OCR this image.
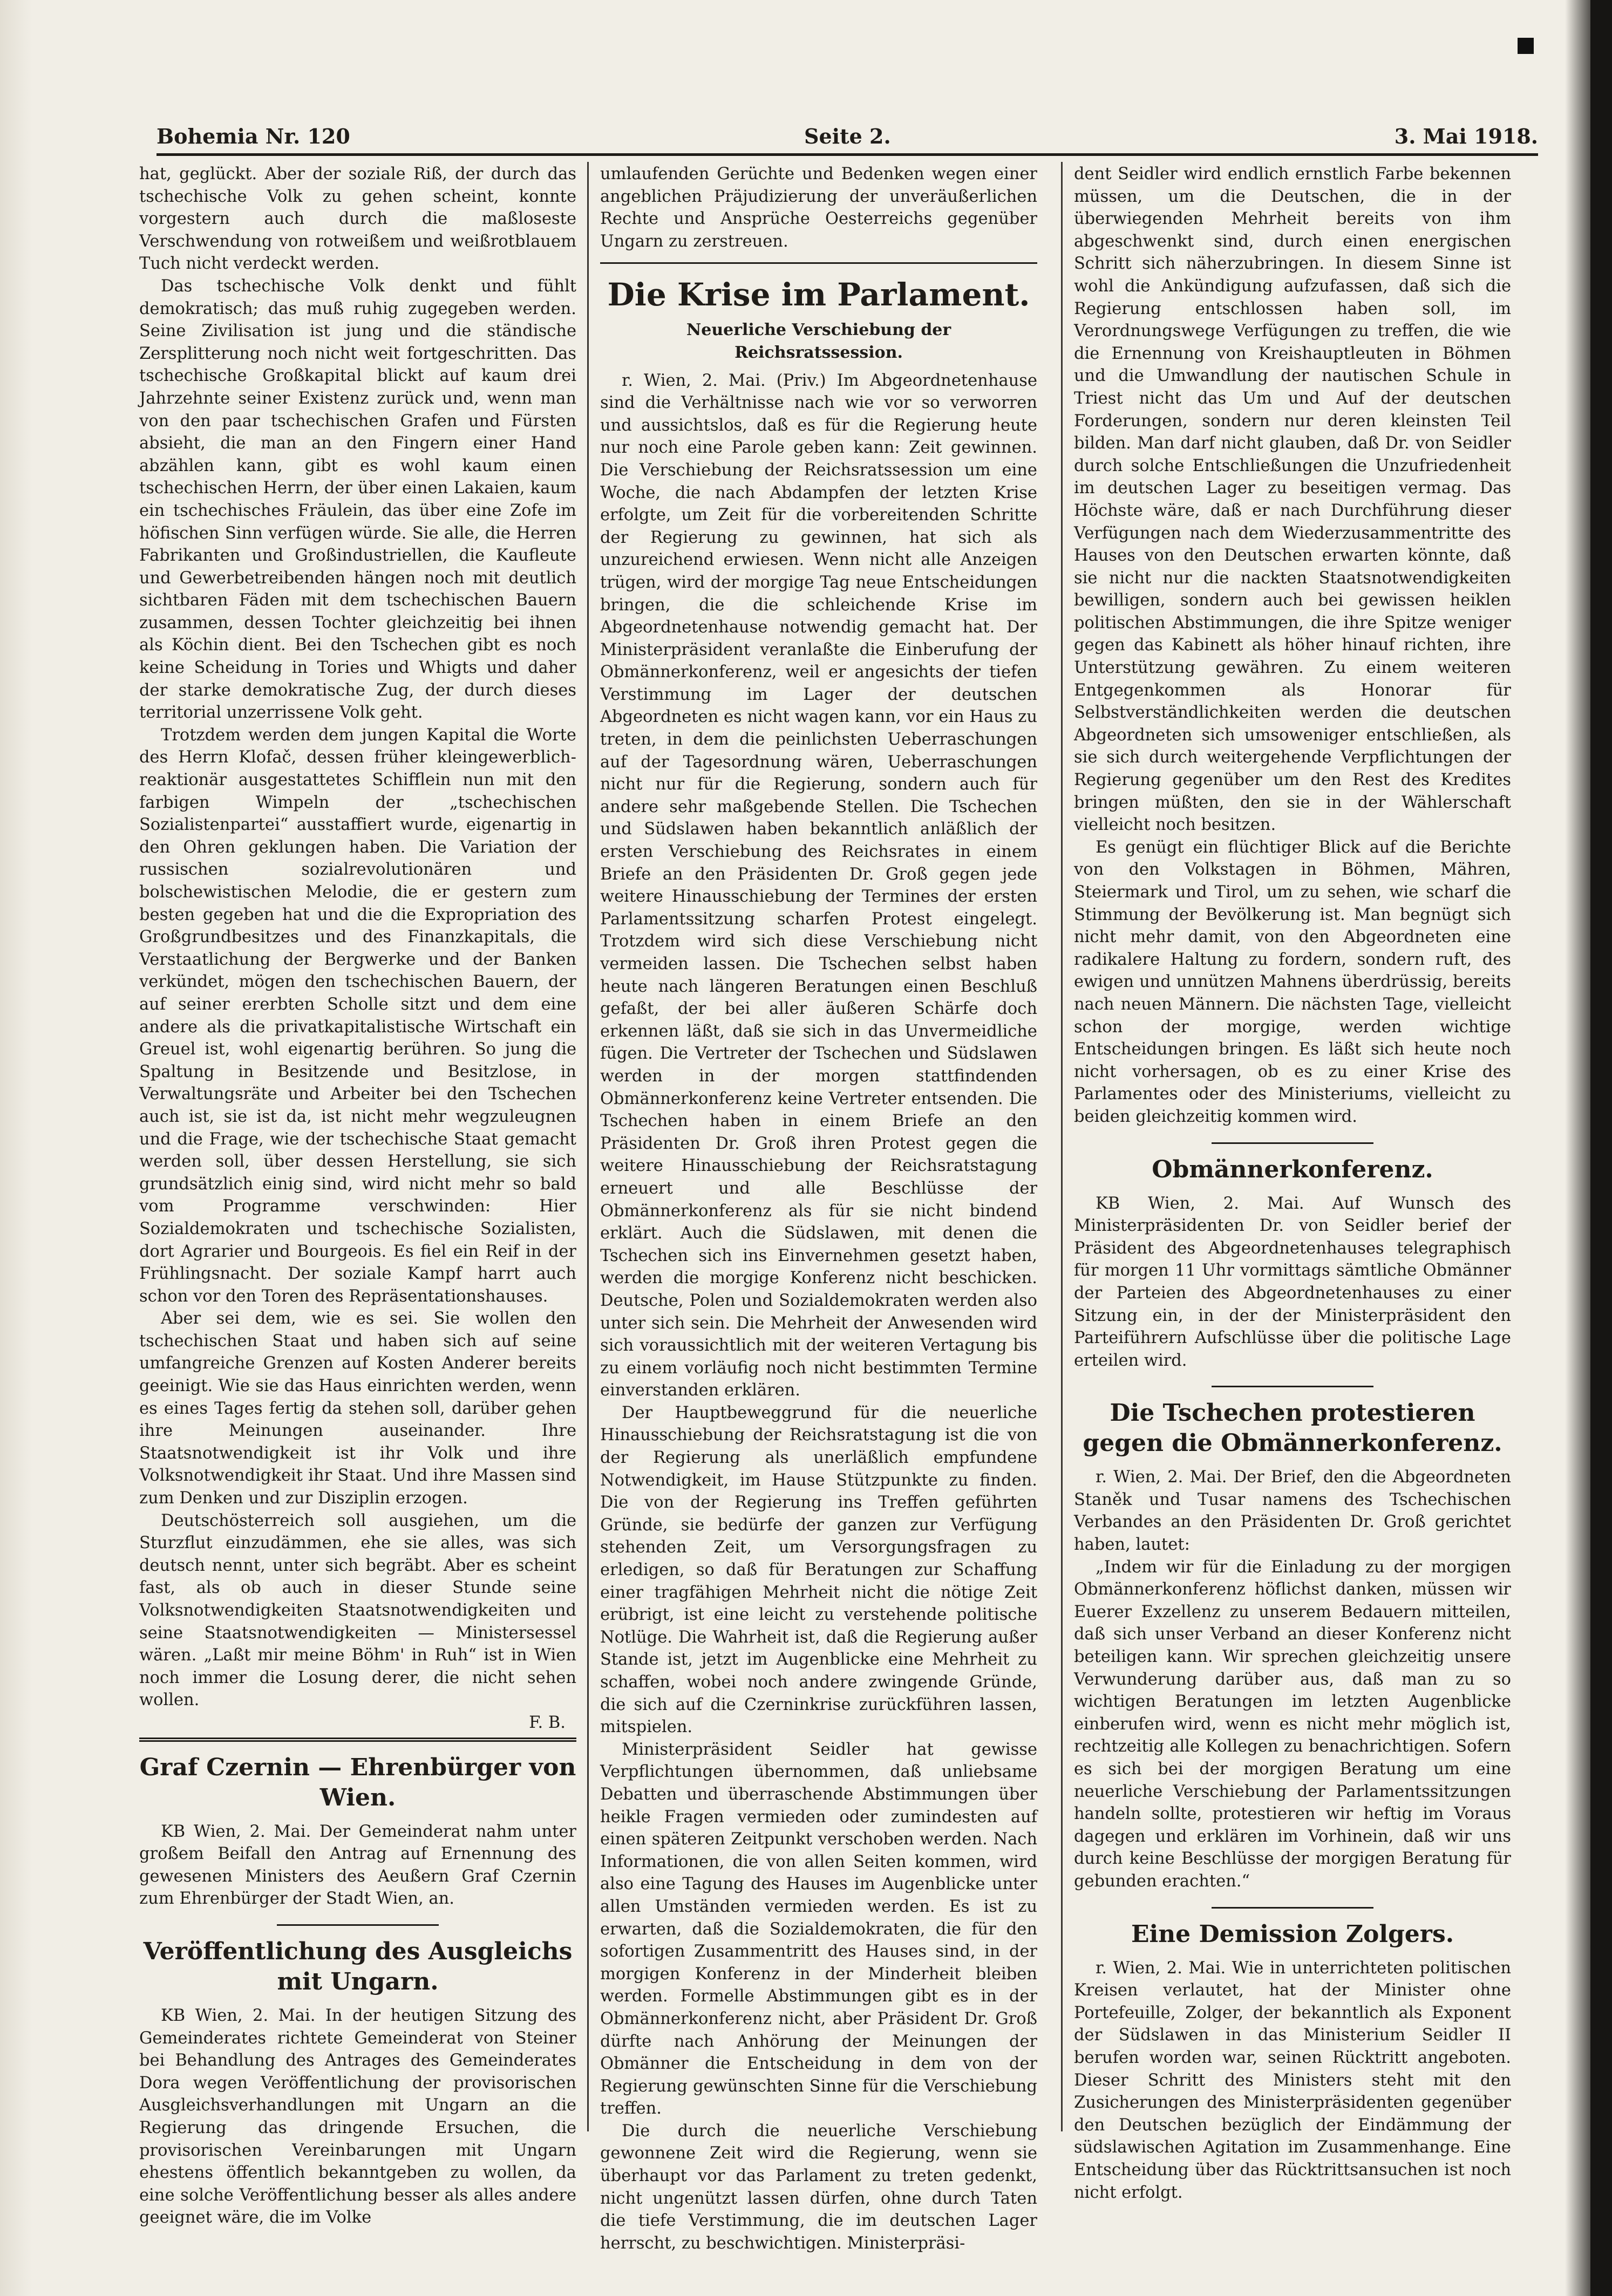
Bohemia Nr. 120	Seite 2.	3. Mai 1918.

hat, geglückt. Aber der soziale Riß, der durch das tschechische Volk zu gehen scheint, konnte vorgestern auch durch die maßloseste Verschwendung von rotweißem und weißrotblauem Tuch nicht verdeckt werden.

Das tschechische Volk denkt und fühlt demokratisch; das muß ruhig zugegeben werden. Seine Zivilisation ist jung und die ständische Zersplitterung noch nicht weit fortgeschritten. Das tschechische Großkapital blickt auf kaum drei Jahrzehnte seiner Existenz zurück und, wenn man von den paar tschechischen Grafen und Fürsten absieht, die man an den Fingern einer Hand abzählen kann, gibt es wohl kaum einen tschechischen Herrn, der über einen Lakaien, kaum ein tschechisches Fräulein, das über eine Zofe im höfischen Sinn verfügen würde. Sie alle, die Herren Fabrikanten und Großindustriellen, die Kaufleute und Gewerbetreibenden hängen noch mit deutlich sichtbaren Fäden mit dem tschechischen Bauern zusammen, dessen Tochter gleichzeitig bei ihnen als Köchin dient. Bei den Tschechen gibt es noch keine Scheidung in Tories und Whigts und daher der starke demokratische Zug, der durch dieses territorial unzerrissene Volk geht.

Trotzdem werden dem jungen Kapital die Worte des Herrn Klofač, dessen früher kleingewerblich-reaktionär ausgestattetes Schifflein nun mit den farbigen Wimpeln der „tschechischen Sozialistenpartei“ ausstaffiert wurde, eigenartig in den Ohren geklungen haben. Die Variation der russischen sozialrevolutionären und bolschewistischen Melodie, die er gestern zum besten gegeben hat und die die Expropriation des Großgrundbesitzes und des Finanzkapitals, die Verstaatlichung der Bergwerke und der Banken verkündet, mögen den tschechischen Bauern, der auf seiner ererbten Scholle sitzt und dem eine andere als die privatkapitalistische Wirtschaft ein Greuel ist, wohl eigenartig berühren. So jung die Spaltung in Besitzende und Besitzlose, in Verwaltungsräte und Arbeiter bei den Tschechen auch ist, sie ist da, ist nicht mehr wegzuleugnen und die Frage, wie der tschechische Staat gemacht werden soll, über dessen Herstellung, sie sich grundsätzlich einig sind, wird nicht mehr so bald vom Programme verschwinden: Hier Sozialdemokraten und tschechische Sozialisten, dort Agrarier und Bourgeois. Es fiel ein Reif in der Frühlingsnacht. Der soziale Kampf harrt auch schon vor den Toren des Repräsentationshauses.

Aber sei dem, wie es sei. Sie wollen den tschechischen Staat und haben sich auf seine umfangreiche Grenzen auf Kosten Anderer bereits geeinigt. Wie sie das Haus einrichten werden, wenn es eines Tages fertig da stehen soll, darüber gehen ihre Meinungen auseinander. Ihre Staatsnotwendigkeit ist ihr Volk und ihre Volksnotwendigkeit ihr Staat. Und ihre Massen sind zum Denken und zur Disziplin erzogen.

Deutschösterreich soll ausgiehen, um die Sturzflut einzudämmen, ehe sie alles, was sich deutsch nennt, unter sich begräbt. Aber es scheint fast, als ob auch in dieser Stunde seine Volksnotwendigkeiten Staatsnotwendigkeiten und seine Staatsnotwendigkeiten — Ministersessel wären. „Laßt mir meine Böhm' in Ruh“ ist in Wien noch immer die Losung derer, die nicht sehen wollen.

F. B.

Graf Czernin — Ehrenbürger von Wien.

KB Wien, 2. Mai. Der Gemeinderat nahm unter großem Beifall den Antrag auf Ernennung des gewesenen Ministers des Aeußern Graf Czernin zum Ehrenbürger der Stadt Wien, an.

Veröffentlichung des Ausgleichs mit Ungarn.

KB Wien, 2. Mai. In der heutigen Sitzung des Gemeinderates richtete Gemeinderat von Steiner bei Behandlung des Antrages des Gemeinderates Dora wegen Veröffentlichung der provisorischen Ausgleichsverhandlungen mit Ungarn an die Regierung das dringende Ersuchen, die provisorischen Vereinbarungen mit Ungarn ehestens öffentlich bekanntgeben zu wollen, da eine solche Veröffentlichung besser als alles andere geeignet wäre, die im Volke

umlaufenden Gerüchte und Bedenken wegen einer angeblichen Präjudizierung der unveräußerlichen Rechte und Ansprüche Oesterreichs gegenüber Ungarn zu zerstreuen.

Die Krise im Parlament.
Neuerliche Verschiebung der Reichsratssession.

r. Wien, 2. Mai. (Priv.) Im Abgeordnetenhause sind die Verhältnisse nach wie vor so verworren und aussichtslos, daß es für die Regierung heute nur noch eine Parole geben kann: Zeit gewinnen. Die Verschiebung der Reichsratssession um eine Woche, die nach Abdampfen der letzten Krise erfolgte, um Zeit für die vorbereitenden Schritte der Regierung zu gewinnen, hat sich als unzureichend erwiesen. Wenn nicht alle Anzeigen trügen, wird der morgige Tag neue Entscheidungen bringen, die die schleichende Krise im Abgeordnetenhause notwendig gemacht hat. Der Ministerpräsident veranlaßte die Einberufung der Obmännerkonferenz, weil er angesichts der tiefen Verstimmung im Lager der deutschen Abgeordneten es nicht wagen kann, vor ein Haus zu treten, in dem die peinlichsten Ueberraschungen auf der Tagesordnung wären, Ueberraschungen nicht nur für die Regierung, sondern auch für andere sehr maßgebende Stellen. Die Tschechen und Südslawen haben bekanntlich anläßlich der ersten Verschiebung des Reichsrates in einem Briefe an den Präsidenten Dr. Groß gegen jede weitere Hinausschiebung der Termines der ersten Parlamentssitzung scharfen Protest eingelegt. Trotzdem wird sich diese Verschiebung nicht vermeiden lassen. Die Tschechen selbst haben heute nach längeren Beratungen einen Beschluß gefaßt, der bei aller äußeren Schärfe doch erkennen läßt, daß sie sich in das Unvermeidliche fügen. Die Vertreter der Tschechen und Südslawen werden in der morgen stattfindenden Obmännerkonferenz keine Vertreter entsenden. Die Tschechen haben in einem Briefe an den Präsidenten Dr. Groß ihren Protest gegen die weitere Hinausschiebung der Reichsratstagung erneuert und alle Beschlüsse der Obmännerkonferenz als für sie nicht bindend erklärt. Auch die Südslawen, mit denen die Tschechen sich ins Einvernehmen gesetzt haben, werden die morgige Konferenz nicht beschicken. Deutsche, Polen und Sozialdemokraten werden also unter sich sein. Die Mehrheit der Anwesenden wird sich voraussichtlich mit der weiteren Vertagung bis zu einem vorläufig noch nicht bestimmten Termine einverstanden erklären.

Der Hauptbeweggrund für die neuerliche Hinausschiebung der Reichsratstagung ist die von der Regierung als unerläßlich empfundene Notwendigkeit, im Hause Stützpunkte zu finden. Die von der Regierung ins Treffen geführten Gründe, sie bedürfe der ganzen zur Verfügung stehenden Zeit, um Versorgungsfragen zu erledigen, so daß für Beratungen zur Schaffung einer tragfähigen Mehrheit nicht die nötige Zeit erübrigt, ist eine leicht zu verstehende politische Notlüge. Die Wahrheit ist, daß die Regierung außer Stande ist, jetzt im Augenblicke eine Mehrheit zu schaffen, wobei noch andere zwingende Gründe, die sich auf die Czerninkrise zurückführen lassen, mitspielen.

Ministerpräsident Seidler hat gewisse Verpflichtungen übernommen, daß unliebsame Debatten und überraschende Abstimmungen über heikle Fragen vermieden oder zumindesten auf einen späteren Zeitpunkt verschoben werden. Nach Informationen, die von allen Seiten kommen, wird also eine Tagung des Hauses im Augenblicke unter allen Umständen vermieden werden. Es ist zu erwarten, daß die Sozialdemokraten, die für den sofortigen Zusammentritt des Hauses sind, in der morgigen Konferenz in der Minderheit bleiben werden. Formelle Abstimmungen gibt es in der Obmännerkonferenz nicht, aber Präsident Dr. Groß dürfte nach Anhörung der Meinungen der Obmänner die Entscheidung in dem von der Regierung gewünschten Sinne für die Verschiebung treffen.

Die durch die neuerliche Verschiebung gewonnene Zeit wird die Regierung, wenn sie überhaupt vor das Parlament zu treten gedenkt, nicht ungenützt lassen dürfen, ohne durch Taten die tiefe Verstimmung, die im deutschen Lager herrscht, zu beschwichtigen. Ministerpräsi-

dent Seidler wird endlich ernstlich Farbe bekennen müssen, um die Deutschen, die in der überwiegenden Mehrheit bereits von ihm abgeschwenkt sind, durch einen energischen Schritt sich näherzubringen. In diesem Sinne ist wohl die Ankündigung aufzufassen, daß sich die Regierung entschlossen haben soll, im Verordnungswege Verfügungen zu treffen, die wie die Ernennung von Kreishauptleuten in Böhmen und die Umwandlung der nautischen Schule in Triest nicht das Um und Auf der deutschen Forderungen, sondern nur deren kleinsten Teil bilden. Man darf nicht glauben, daß Dr. von Seidler durch solche Entschließungen die Unzufriedenheit im deutschen Lager zu beseitigen vermag. Das Höchste wäre, daß er nach Durchführung dieser Verfügungen nach dem Wiederzusammentritte des Hauses von den Deutschen erwarten könnte, daß sie nicht nur die nackten Staatsnotwendigkeiten bewilligen, sondern auch bei gewissen heiklen politischen Abstimmungen, die ihre Spitze weniger gegen das Kabinett als höher hinauf richten, ihre Unterstützung gewähren. Zu einem weiteren Entgegenkommen als Honorar für Selbstverständlichkeiten werden die deutschen Abgeordneten sich umsoweniger entschließen, als sie sich durch weitergehende Verpflichtungen der Regierung gegenüber um den Rest des Kredites bringen müßten, den sie in der Wählerschaft vielleicht noch besitzen.

Es genügt ein flüchtiger Blick auf die Berichte von den Volkstagen in Böhmen, Mähren, Steiermark und Tirol, um zu sehen, wie scharf die Stimmung der Bevölkerung ist. Man begnügt sich nicht mehr damit, von den Abgeordneten eine radikalere Haltung zu fordern, sondern ruft, des ewigen und unnützen Mahnens überdrüssig, bereits nach neuen Männern. Die nächsten Tage, vielleicht schon der morgige, werden wichtige Entscheidungen bringen. Es läßt sich heute noch nicht vorhersagen, ob es zu einer Krise des Parlamentes oder des Ministeriums, vielleicht zu beiden gleichzeitig kommen wird.

Obmännerkonferenz.

KB Wien, 2. Mai. Auf Wunsch des Ministerpräsidenten Dr. von Seidler berief der Präsident des Abgeordnetenhauses telegraphisch für morgen 11 Uhr vormittags sämtliche Obmänner der Parteien des Abgeordnetenhauses zu einer Sitzung ein, in der der Ministerpräsident den Parteiführern Aufschlüsse über die politische Lage erteilen wird.

Die Tschechen protestieren gegen die Obmännerkonferenz.

r. Wien, 2. Mai. Der Brief, den die Abgeordneten Staněk und Tusar namens des Tschechischen Verbandes an den Präsidenten Dr. Groß gerichtet haben, lautet:

„Indem wir für die Einladung zu der morgigen Obmännerkonferenz höflichst danken, müssen wir Euerer Exzellenz zu unserem Bedauern mitteilen, daß sich unser Verband an dieser Konferenz nicht beteiligen kann. Wir sprechen gleichzeitig unsere Verwunderung darüber aus, daß man zu so wichtigen Beratungen im letzten Augenblicke einberufen wird, wenn es nicht mehr möglich ist, rechtzeitig alle Kollegen zu benachrichtigen. Sofern es sich bei der morgigen Beratung um eine neuerliche Verschiebung der Parlamentssitzungen handeln sollte, protestieren wir heftig im Voraus dagegen und erklären im Vorhinein, daß wir uns durch keine Beschlüsse der morgigen Beratung für gebunden erachten.“

Eine Demission Zolgers.

r. Wien, 2. Mai. Wie in unterrichteten politischen Kreisen verlautet, hat der Minister ohne Portefeuille, Zolger, der bekanntlich als Exponent der Südslawen in das Ministerium Seidler II berufen worden war, seinen Rücktritt angeboten. Dieser Schritt des Ministers steht mit den Zusicherungen des Ministerpräsidenten gegenüber den Deutschen bezüglich der Eindämmung der südslawischen Agitation im Zusammenhange. Eine Entscheidung über das Rücktrittsansuchen ist noch nicht erfolgt.
